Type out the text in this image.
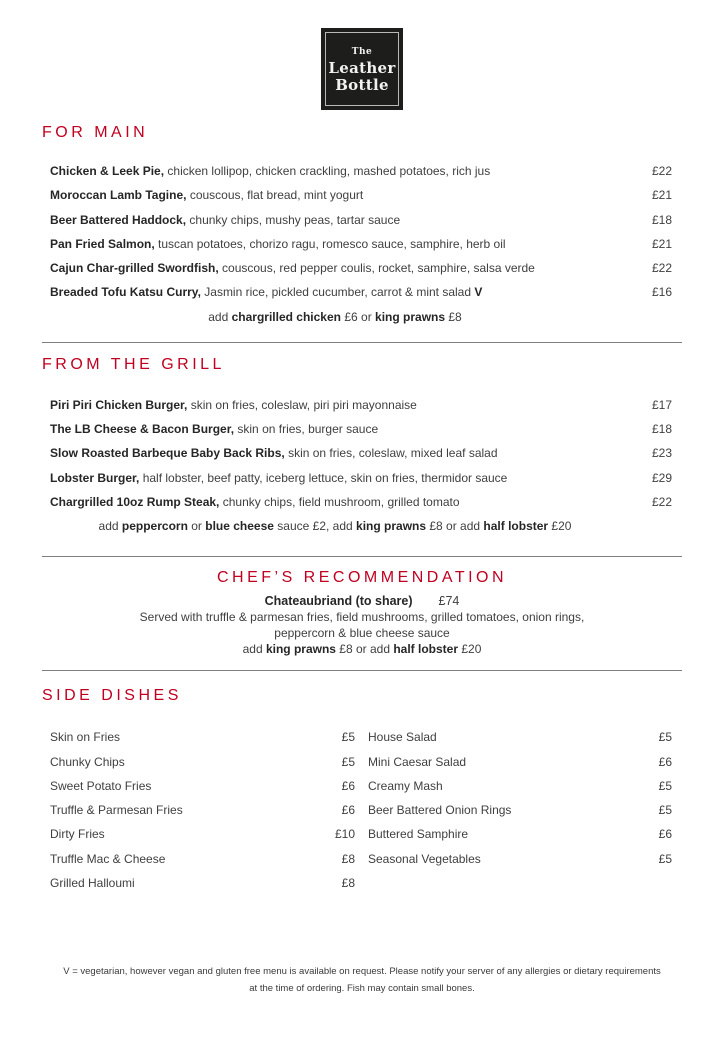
The
Leather
Bottle
FOR MAIN
Chicken & Leek Pie, chicken lollipop, chicken crackling, mashed potatoes, rich jus	£22
Moroccan Lamb Tagine, couscous, flat bread, mint yogurt	£21
Beer Battered Haddock, chunky chips, mushy peas, tartar sauce	£18
Pan Fried Salmon, tuscan potatoes, chorizo ragu, romesco sauce, samphire, herb oil	£21
Cajun Char-grilled Swordfish, couscous, red pepper coulis, rocket, samphire, salsa verde	£22
Breaded Tofu Katsu Curry, Jasmin rice, pickled cucumber, carrot & mint salad V	£16
add chargrilled chicken £6 or king prawns £8
FROM THE GRILL
Piri Piri Chicken Burger, skin on fries, coleslaw, piri piri mayonnaise	£17
The LB Cheese & Bacon Burger, skin on fries, burger sauce	£18
Slow Roasted Barbeque Baby Back Ribs, skin on fries, coleslaw, mixed leaf salad	£23
Lobster Burger, half lobster, beef patty, iceberg lettuce, skin on fries, thermidor sauce	£29
Chargrilled 10oz Rump Steak, chunky chips, field mushroom, grilled tomato	£22
add peppercorn or blue cheese sauce £2, add king prawns £8 or add half lobster £20
CHEF’S RECOMMENDATION
Chateaubriand (to share) £74
Served with truffle & parmesan fries, field mushrooms, grilled tomatoes, onion rings,
peppercorn & blue cheese sauce
add king prawns £8 or add half lobster £20
SIDE DISHES
Skin on Fries	£5
Chunky Chips	£5
Sweet Potato Fries	£6
Truffle & Parmesan Fries	£6
Dirty Fries	£10
Truffle Mac & Cheese	£8
Grilled Halloumi	£8
House Salad	£5
Mini Caesar Salad	£6
Creamy Mash	£5
Beer Battered Onion Rings	£5
Buttered Samphire	£6
Seasonal Vegetables	£5
V = vegetarian, however vegan and gluten free menu is available on request. Please notify your server of any allergies or dietary requirements
at the time of ordering. Fish may contain small bones.
